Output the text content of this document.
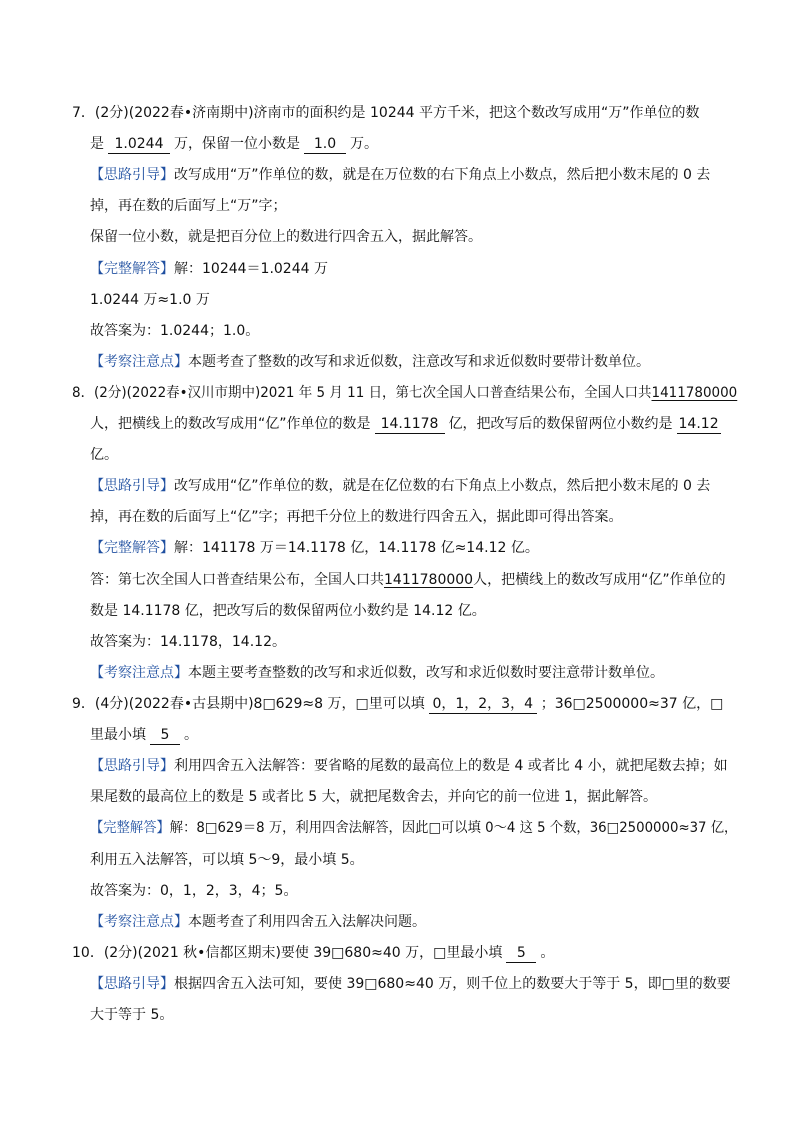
7．(2分)(2022春•济南期中)济南市的面积约是 10244 平方千米，把这个数改写成用“万”作单位的数
是 1.0244 万，保留一位小数是 1.0 万。
【思路引导】改写成用“万”作单位的数，就是在万位数的右下角点上小数点，然后把小数末尾的 0 去
掉，再在数的后面写上“万”字；
保留一位小数，就是把百分位上的数进行四舍五入，据此解答。
【完整解答】解：10244＝1.0244 万
1.0244 万≈1.0 万
故答案为：1.0244；1.0。
【考察注意点】本题考查了整数的改写和求近似数，注意改写和求近似数时要带计数单位。
8．(2分)(2022春•汉川市期中)2021 年 5 月 11 日，第七次全国人口普查结果公布，全国人口共1411780000
人，把横线上的数改写成用“亿”作单位的数是 14.1178 亿，把改写后的数保留两位小数约是 14.12
亿。
【思路引导】改写成用“亿”作单位的数，就是在亿位数的右下角点上小数点，然后把小数末尾的 0 去
掉，再在数的后面写上“亿”字；再把千分位上的数进行四舍五入，据此即可得出答案。
【完整解答】解：141178 万＝14.1178 亿，14.1178 亿≈14.12 亿。
答：第七次全国人口普查结果公布，全国人口共1411780000人，把横线上的数改写成用“亿”作单位的
数是 14.1178 亿，把改写后的数保留两位小数约是 14.12 亿。
故答案为：14.1178，14.12。
【考察注意点】本题主要考查整数的改写和求近似数，改写和求近似数时要注意带计数单位。
9．(4分)(2022春•古县期中)8□629≈8 万，□里可以填 0，1，2，3，4 ；36□2500000≈37 亿，□
里最小填 5 。
【思路引导】利用四舍五入法解答：要省略的尾数的最高位上的数是 4 或者比 4 小，就把尾数去掉；如
果尾数的最高位上的数是 5 或者比 5 大，就把尾数舍去，并向它的前一位进 1，据此解答。
【完整解答】解：8□629＝8 万，利用四舍法解答，因此□可以填 0～4 这 5 个数，36□2500000≈37 亿，
利用五入法解答，可以填 5～9，最小填 5。
故答案为：0，1，2，3，4；5。
【考察注意点】本题考查了利用四舍五入法解决问题。
10．(2分)(2021 秋•信都区期末)要使 39□680≈40 万，□里最小填 5 。
【思路引导】根据四舍五入法可知，要使 39□680≈40 万，则千位上的数要大于等于 5，即□里的数要
大于等于 5。
